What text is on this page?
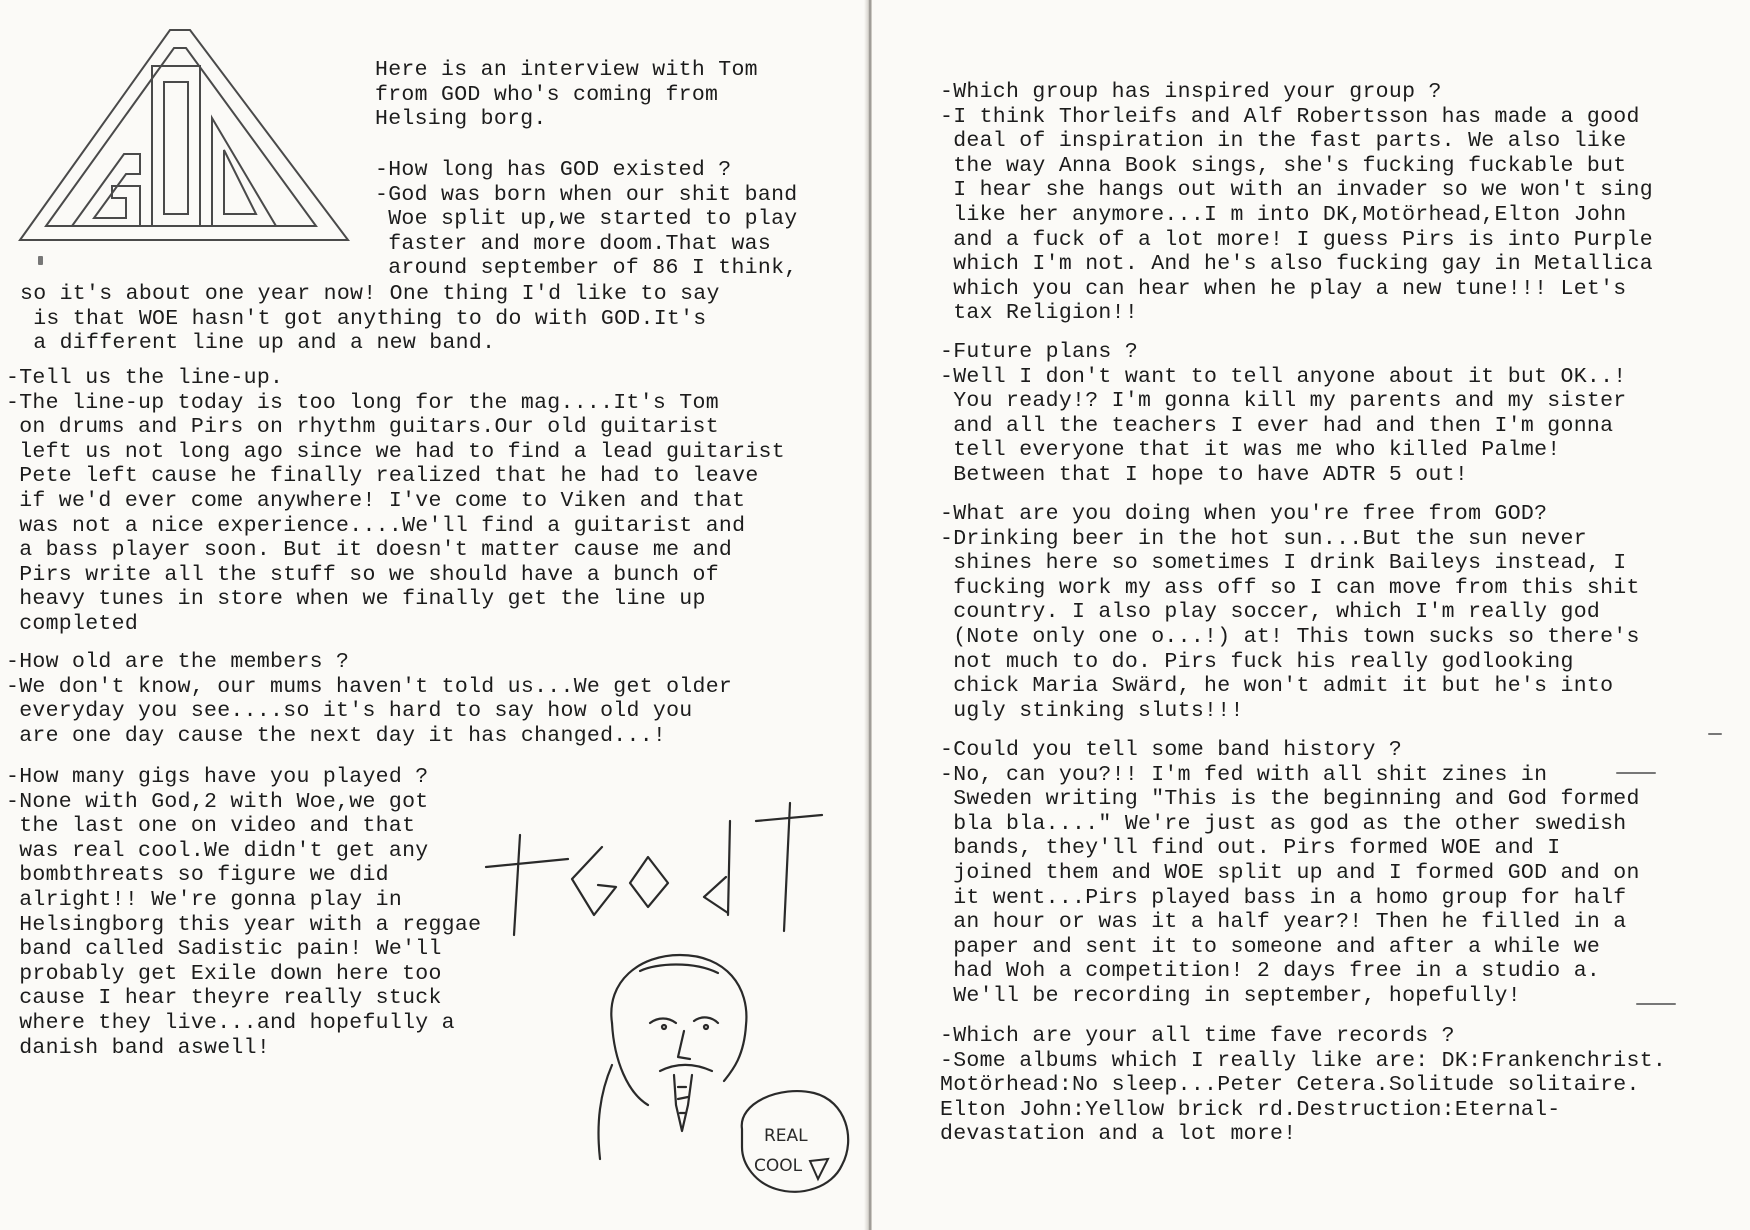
Here is an interview with Tom
from GOD who's coming from
Helsing borg.
-How long has GOD existed ?
-God was born when our shit band
Woe split up,we started to play
faster and more doom.That was
around september of 86 I think,
so it's about one year now! One thing I'd like to say
is that WOE hasn't got anything to do with GOD.It's
a different line up and a new band.
-Tell us the line-up.
-The line-up today is too long for the mag....It's Tom
on drums and Pirs on rhythm guitars.Our old guitarist
left us not long ago since we had to find a lead guitarist
Pete left cause he finally realized that he had to leave
if we'd ever come anywhere! I've come to Viken and that
was not a nice experience....We'll find a guitarist and
a bass player soon. But it doesn't matter cause me and
Pirs write all the stuff so we should have a bunch of
heavy tunes in store when we finally get the line up
completed
-How old are the members ?
-We don't know, our mums haven't told us...We get older
everyday you see....so it's hard to say how old you
are one day cause the next day it has changed...!
-How many gigs have you played ?
-None with God,2 with Woe,we got
the last one on video and that
was real cool.We didn't get any
bombthreats so figure we did
alright!! We're gonna play in
Helsingborg this year with a reggae
band called Sadistic pain! We'll
probably get Exile down here too
cause I hear theyre really stuck
where they live...and hopefully a
danish band aswell!
REAL
COOL
-Which group has inspired your group ?
-I think Thorleifs and Alf Robertsson has made a good
deal of inspiration in the fast parts. We also like
the way Anna Book sings, she's fucking fuckable but
I hear she hangs out with an invader so we won't sing
like her anymore...I m into DK,Motörhead,Elton John
and a fuck of a lot more! I guess Pirs is into Purple
which I'm not. And he's also fucking gay in Metallica
which you can hear when he play a new tune!!! Let's
tax Religion!!
-Future plans ?
-Well I don't want to tell anyone about it but OK..!
You ready!? I'm gonna kill my parents and my sister
and all the teachers I ever had and then I'm gonna
tell everyone that it was me who killed Palme!
Between that I hope to have ADTR 5 out!
-What are you doing when you're free from GOD?
-Drinking beer in the hot sun...But the sun never
shines here so sometimes I drink Baileys instead, I
fucking work my ass off so I can move from this shit
country. I also play soccer, which I'm really god
(Note only one o...!) at! This town sucks so there's
not much to do. Pirs fuck his really godlooking
chick Maria Swärd, he won't admit it but he's into
ugly stinking sluts!!!
-Could you tell some band history ?
-No, can you?!! I'm fed with all shit zines in
Sweden writing "This is the beginning and God formed
bla bla...." We're just as god as the other swedish
bands, they'll find out. Pirs formed WOE and I
joined them and WOE split up and I formed GOD and on
it went...Pirs played bass in a homo group for half
an hour or was it a half year?! Then he filled in a
paper and sent it to someone and after a while we
had Woh a competition! 2 days free in a studio a.
We'll be recording in september, hopefully!
-Which are your all time fave records ?
-Some albums which I really like are: DK:Frankenchrist.
Motörhead:No sleep...Peter Cetera.Solitude solitaire.
Elton John:Yellow brick rd.Destruction:Eternal-
devastation and a lot more!
